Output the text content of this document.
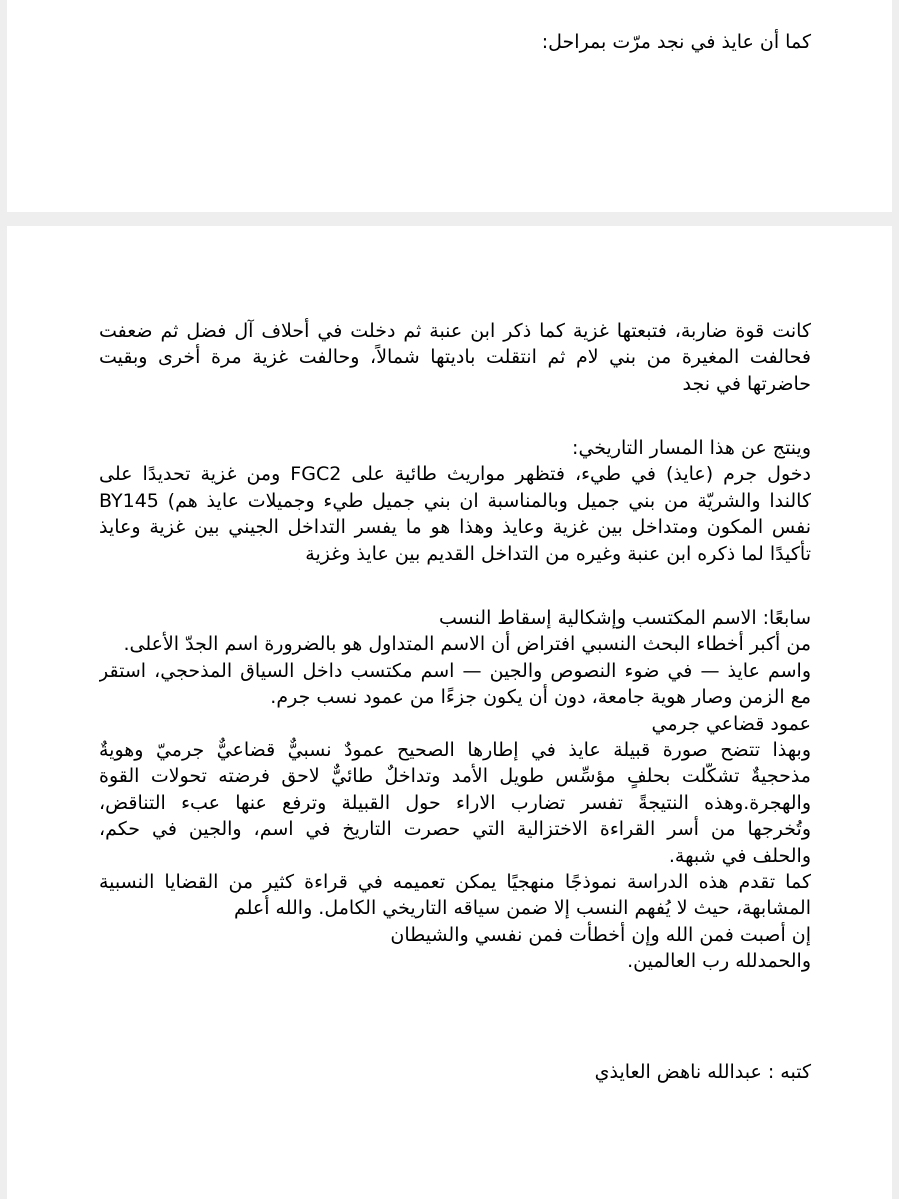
كما أن عايذ في نجد مرّت بمراحل:
كانت قوة ضاربة، فتبعتها غزية كما ذكر ابن عنبة ثم دخلت في أحلاف آل فضل ثم ضعفت
فحالفت المغيرة من بني لام ثم انتقلت باديتها شمالاً، وحالفت غزية مرة أخرى وبقيت
حاضرتها في نجد
وينتج عن هذا المسار التاريخي:
دخول جرم (عايذ) في طيء، فتظهر مواريث طائية على FGC2 ومن غزية تحديدًا على
BY145 (كالندا والشريّة من بني جميل وبالمناسبة ان بني جميل طيء وجميلات عايذ هم
نفس المكون ومتداخل بين غزية وعايذ وهذا هو ما يفسر التداخل الجيني بين غزية وعايذ
تأكيدًا لما ذكره ابن عنبة وغيره من التداخل القديم بين عايذ وغزية
سابعًا: الاسم المكتسب وإشكالية إسقاط النسب
من أكبر أخطاء البحث النسبي افتراض أن الاسم المتداول هو بالضرورة اسم الجدّ الأعلى.
واسم عايذ — في ضوء النصوص والجين — اسم مكتسب داخل السياق المذحجي، استقر
مع الزمن وصار هوية جامعة، دون أن يكون جزءًا من عمود نسب جرم.
عمود قضاعي جرمي
وبهذا تتضح صورة قبيلة عايذ في إطارها الصحيح عمودٌ نسبيٌّ قضاعيٌّ جرميّ وهويةٌ
مذحجيةٌ تشكّلت بحلفٍ مؤسِّس طويل الأمد وتداخلٌ طائيٌّ لاحق فرضته تحولات القوة
والهجرة.وهذه النتيجةً تفسر تضارب الاراء حول القبيلة وترفع عنها عبء التناقض،
وتُخرجها من أسر القراءة الاختزالية التي حصرت التاريخ في اسم، والجين في حكم،
والحلف في شبهة.
كما تقدم هذه الدراسة نموذجًا منهجيًا يمكن تعميمه في قراءة كثير من القضايا النسبية
المشابهة، حيث لا يُفهم النسب إلا ضمن سياقه التاريخي الكامل. والله أعلم
إن أصبت فمن الله وإن أخطأت فمن نفسي والشيطان
والحمدلله رب العالمين.
كتبه : عبدالله ناهض العايذي
